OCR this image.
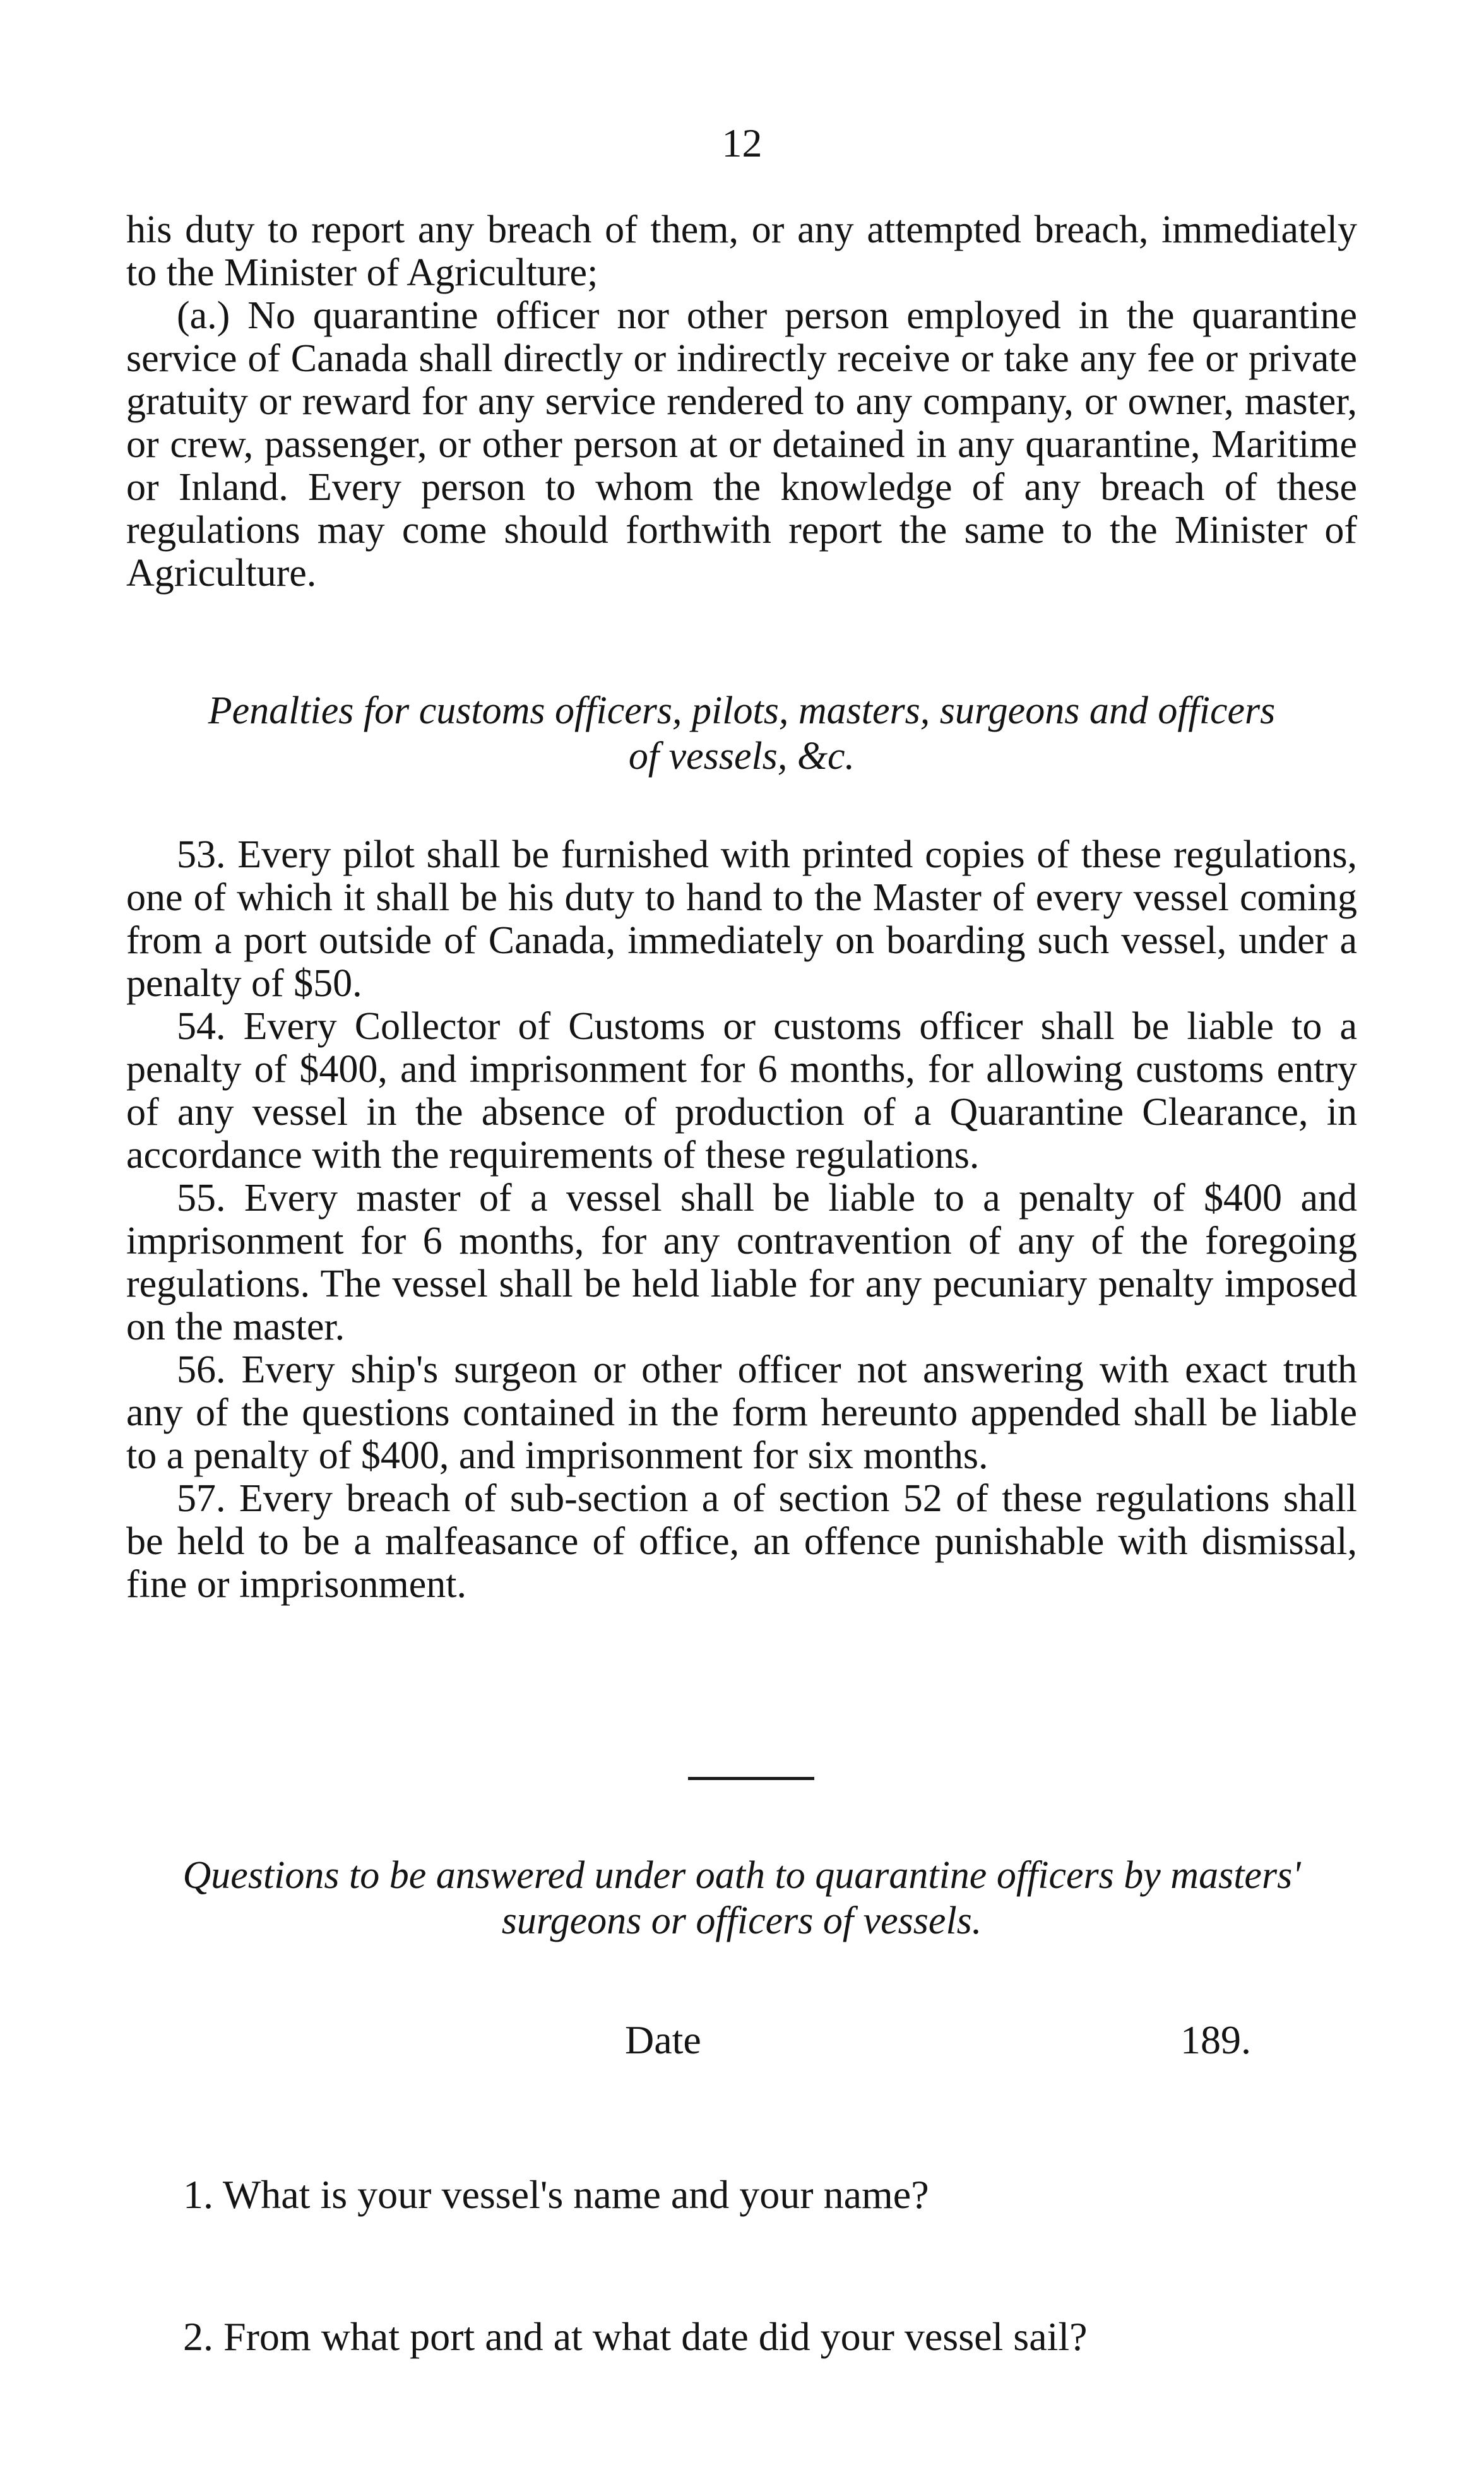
12

his duty to report any breach of them, or any attempted breach, immediately to the Minister of Agriculture;

(a.) No quarantine officer nor other person employed in the quarantine service of Canada shall directly or indirectly receive or take any fee or private gratuity or reward for any service rendered to any company, or owner, master, or crew, passenger, or other person at or detained in any quarantine, Maritime or Inland. Every person to whom the knowledge of any breach of these regulations may come should forthwith report the same to the Minister of Agriculture.

Penalties for customs officers, pilots, masters, surgeons and officers
of vessels, &c.

53. Every pilot shall be furnished with printed copies of these regulations, one of which it shall be his duty to hand to the Master of every vessel coming from a port outside of Canada, immediately on boarding such vessel, under a penalty of $50.

54. Every Collector of Customs or customs officer shall be liable to a penalty of $400, and imprisonment for 6 months, for allowing customs entry of any vessel in the absence of production of a Quarantine Clearance, in accordance with the requirements of these regulations.

55. Every master of a vessel shall be liable to a penalty of $400 and imprisonment for 6 months, for any contravention of any of the foregoing regulations. The vessel shall be held liable for any pecuniary penalty imposed on the master.

56. Every ship's surgeon or other officer not answering with exact truth any of the questions contained in the form hereunto appended shall be liable to a penalty of $400, and imprisonment for six months.

57. Every breach of sub-section a of section 52 of these regulations shall be held to be a malfeasance of office, an offence punishable with dismissal, fine or imprisonment.

Questions to be answered under oath to quarantine officers by masters'
surgeons or officers of vessels.
Date	189.
1. What is your vessel's name and your name?
2. From what port and at what date did your vessel sail?
